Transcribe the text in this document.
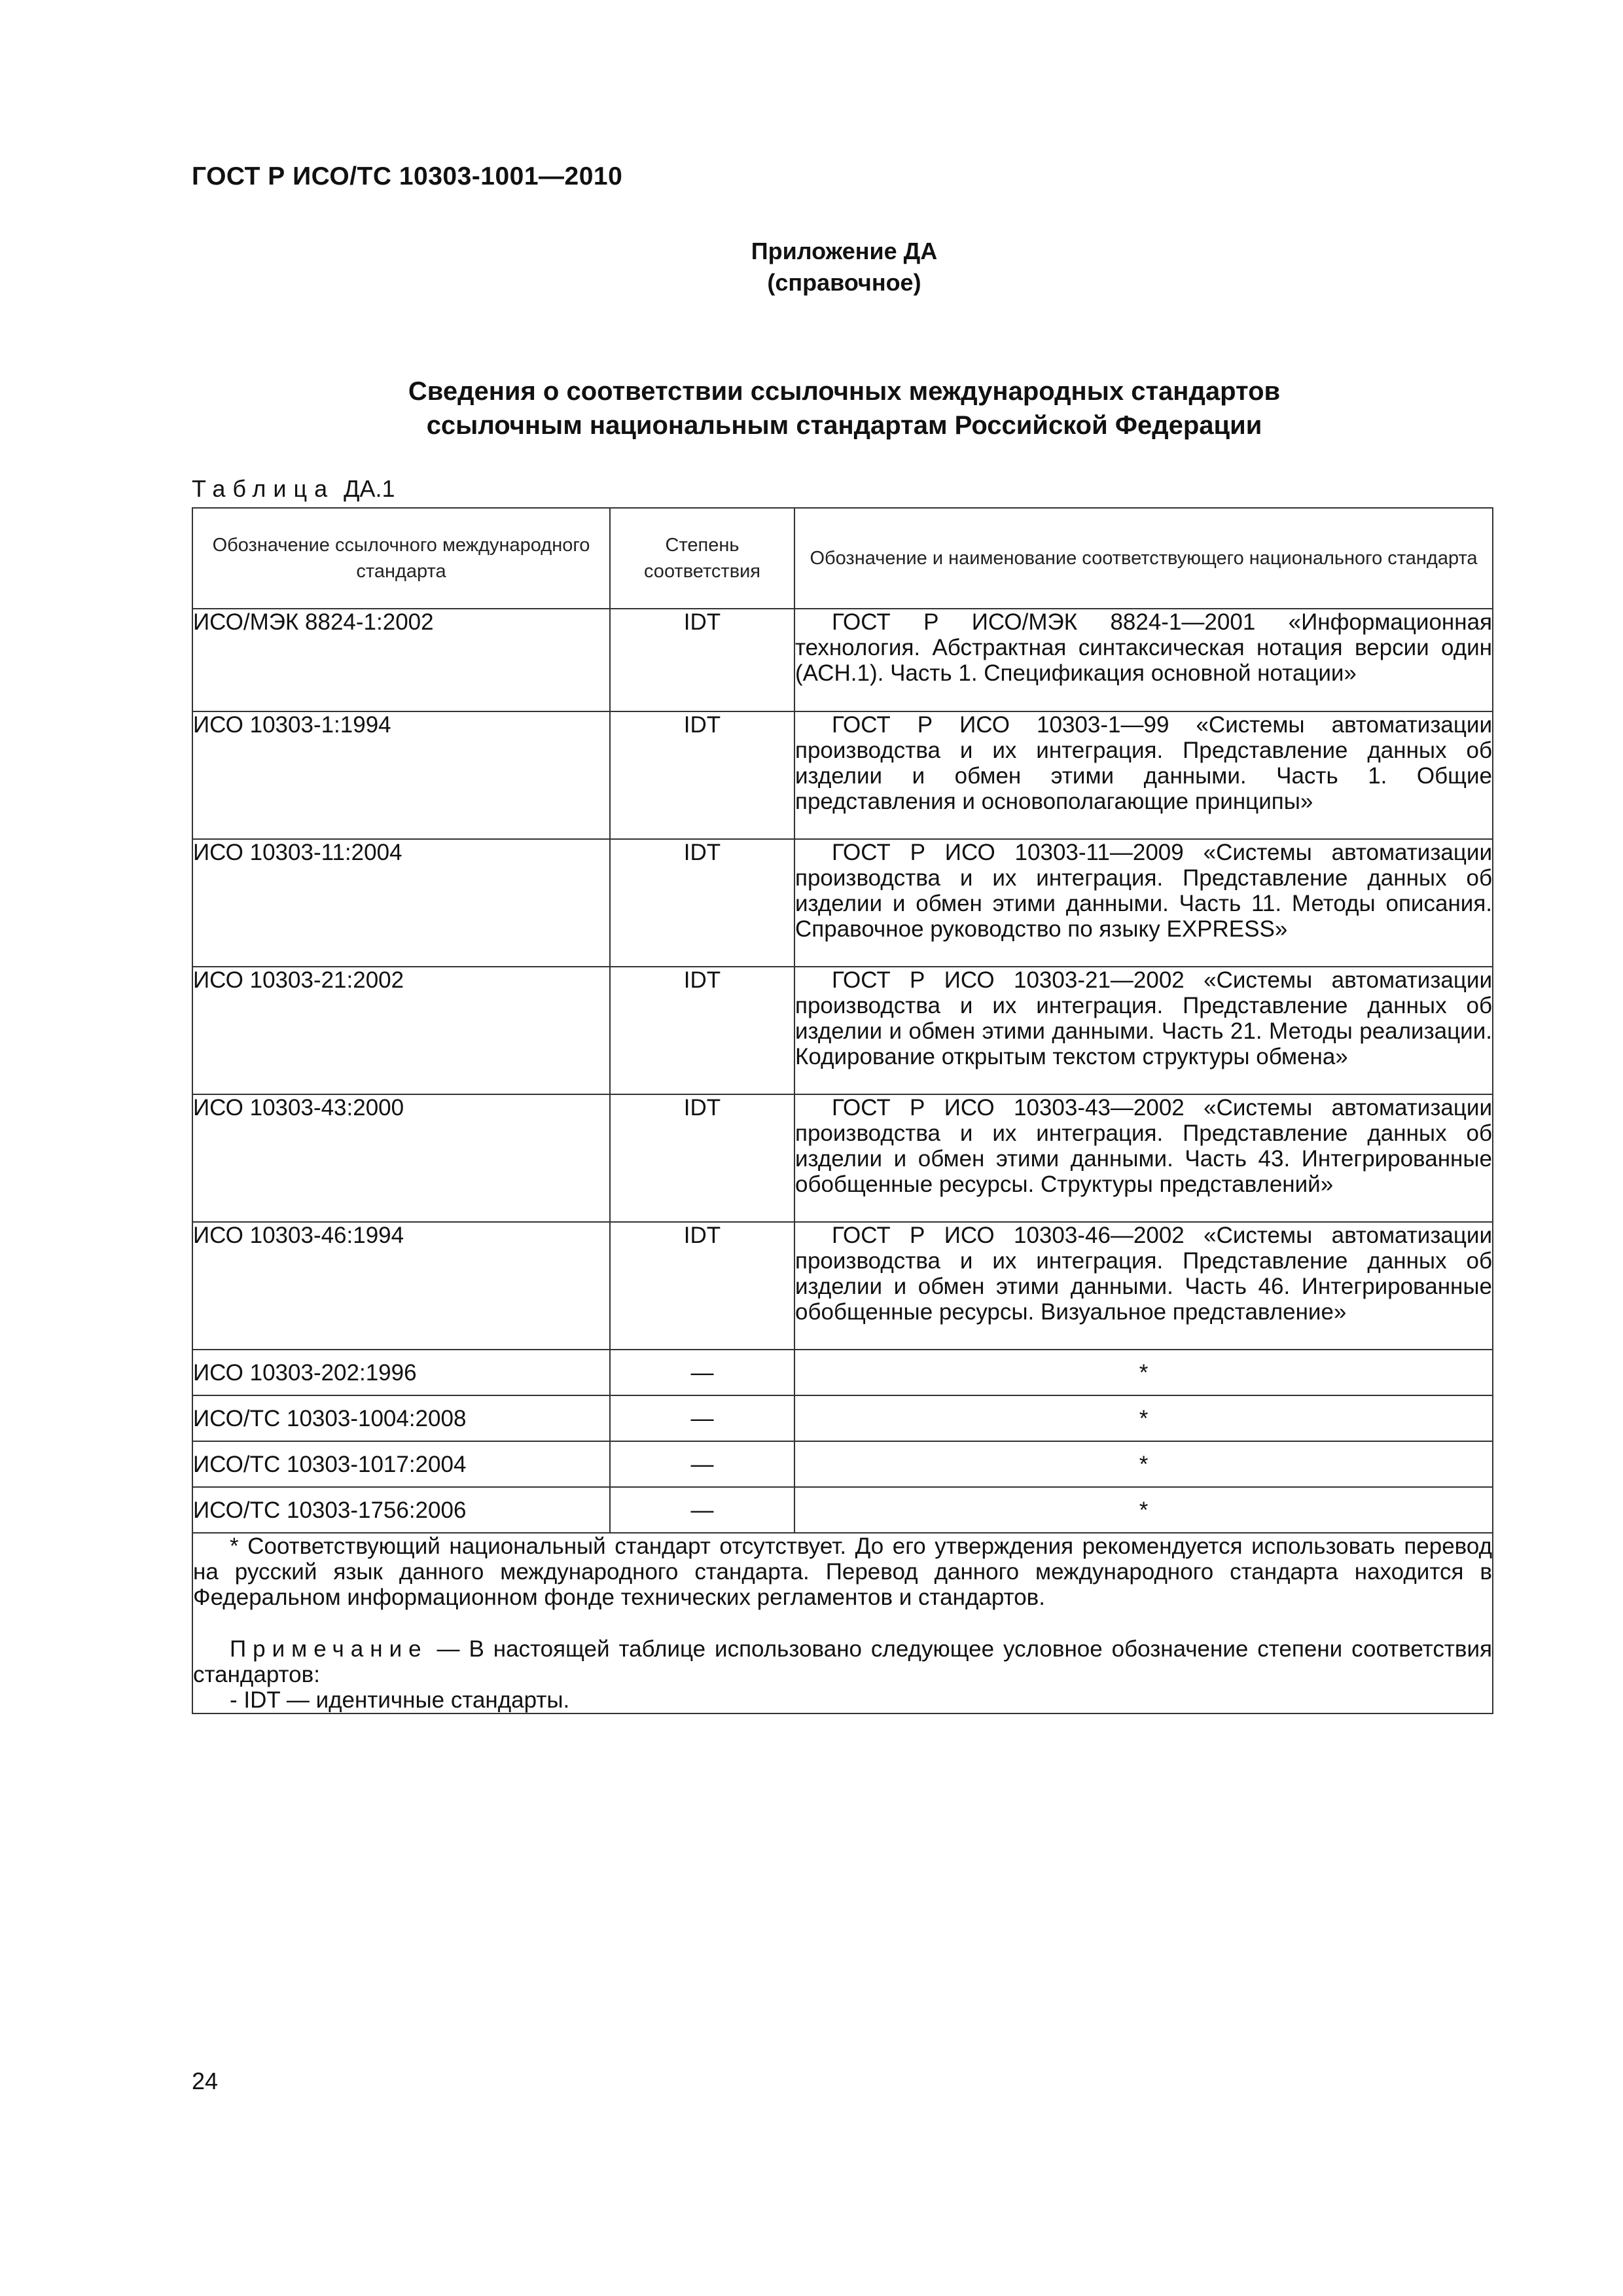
ГОСТ Р ИСО/ТС 10303-1001—2010
Приложение ДА
(справочное)
Сведения о соответствии ссылочных международных стандартов
ссылочным национальным стандартам Российской Федерации
Таблица ДА.1
Обозначение ссылочного международного стандарта	Степень соответствия	Обозначение и наименование соответствующего национального стандарта
ИСО/МЭК 8824-1:2002	IDT	ГОСТ Р ИСО/МЭК 8824-1—2001 «Информационная технология. Абстрактная синтаксическая нотация версии один (АСН.1). Часть 1. Спецификация основной нотации»

ИСО 10303-1:1994	IDT	ГОСТ Р ИСО 10303-1—99 «Системы автоматизации производства и их интеграция. Представление данных об изделии и обмен этими данными. Часть 1. Общие представления и основополагающие принципы»

ИСО 10303-11:2004	IDT	ГОСТ Р ИСО 10303-11—2009 «Системы автоматизации производства и их интеграция. Представление данных об изделии и обмен этими данными. Часть 11. Методы описания. Справочное руководство по языку EXPRESS»

ИСО 10303-21:2002	IDT	ГОСТ Р ИСО 10303-21—2002 «Системы автоматизации производства и их интеграция. Представление данных об изделии и обмен этими данными. Часть 21. Методы реализации. Кодирование открытым текстом структуры обмена»

ИСО 10303-43:2000	IDT	ГОСТ Р ИСО 10303-43—2002 «Системы автоматизации производства и их интеграция. Представление данных об изделии и обмен этими данными. Часть 43. Интегрированные обобщенные ресурсы. Структуры представлений»

ИСО 10303-46:1994	IDT	ГОСТ Р ИСО 10303-46—2002 «Системы автоматизации производства и их интеграция. Представление данных об изделии и обмен этими данными. Часть 46. Интегрированные обобщенные ресурсы. Визуальное представление»

ИСО 10303-202:1996	—	*
ИСО/ТС 10303-1004:2008	—	*
ИСО/ТС 10303-1017:2004	—	*
ИСО/ТС 10303-1756:2006	—	*

* Соответствующий национальный стандарт отсутствует. До его утверждения рекомендуется использовать перевод на русский язык данного международного стандарта. Перевод данного международного стандарта находится в Федеральном информационном фонде технических регламентов и стандартов.

Примечание — В настоящей таблице использовано следующее условное обозначение степени соответствия стандартов:

- IDT — идентичные стандарты.		

24
